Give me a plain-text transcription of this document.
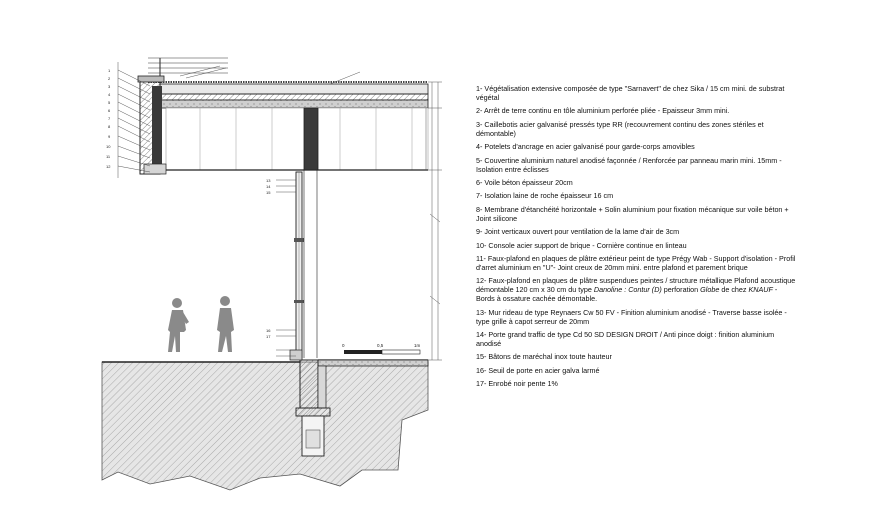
1
2
3
4
5
6
7
8
9
10
11
12
13
14
15
16
17
0	0,5	1m
1- Végétalisation extensive composée de type "Sarnavert" de chez Sika / 15 cm mini. de substrat végétal
2- Arrêt de terre continu en tôle aluminium perforée pliée - Epaisseur 3mm mini.
3- Caillebotis acier galvanisé pressés type RR (recouvrement continu des zones stériles et démontable)
4- Potelets d'ancrage en acier galvanisé pour garde-corps amovibles
5- Couvertine aluminium naturel anodisé façonnée / Renforcée par panneau marin mini. 15mm - Isolation entre éclisses
6- Voile béton épaisseur 20cm
7- Isolation laine de roche épaisseur 16 cm
8- Membrane d'étanchéité horizontale + Solin aluminium pour fixation mécanique sur voile béton + Joint silicone
9- Joint verticaux ouvert pour ventilation de la lame d'air de 3cm
10- Console acier support de brique - Cornière continue en linteau
11- Faux-plafond en plaques de plâtre extérieur peint de type Prégy Wab - Support d'isolation - Profil d'arret aluminium en "U"- Joint creux de 20mm mini. entre plafond et parement brique
12- Faux-plafond en plaques de plâtre suspendues peintes / structure métallique Plafond acoustique démontable 120 cm x 30 cm du type Danoline : Contur (D) perforation Globe de chez KNAUF - Bords à ossature cachée démontable.
13- Mur rideau de type Reynaers Cw 50 FV - Finition aluminium anodisé - Traverse basse isolée - type grille à capot serreur de 20mm
14- Porte grand traffic de type Cd 50 SD DESIGN DROIT / Anti pince doigt : finition aluminium anodisé
15- Bâtons de maréchal inox toute hauteur
16- Seuil de porte en acier galva larmé
17- Enrobé noir pente 1%
